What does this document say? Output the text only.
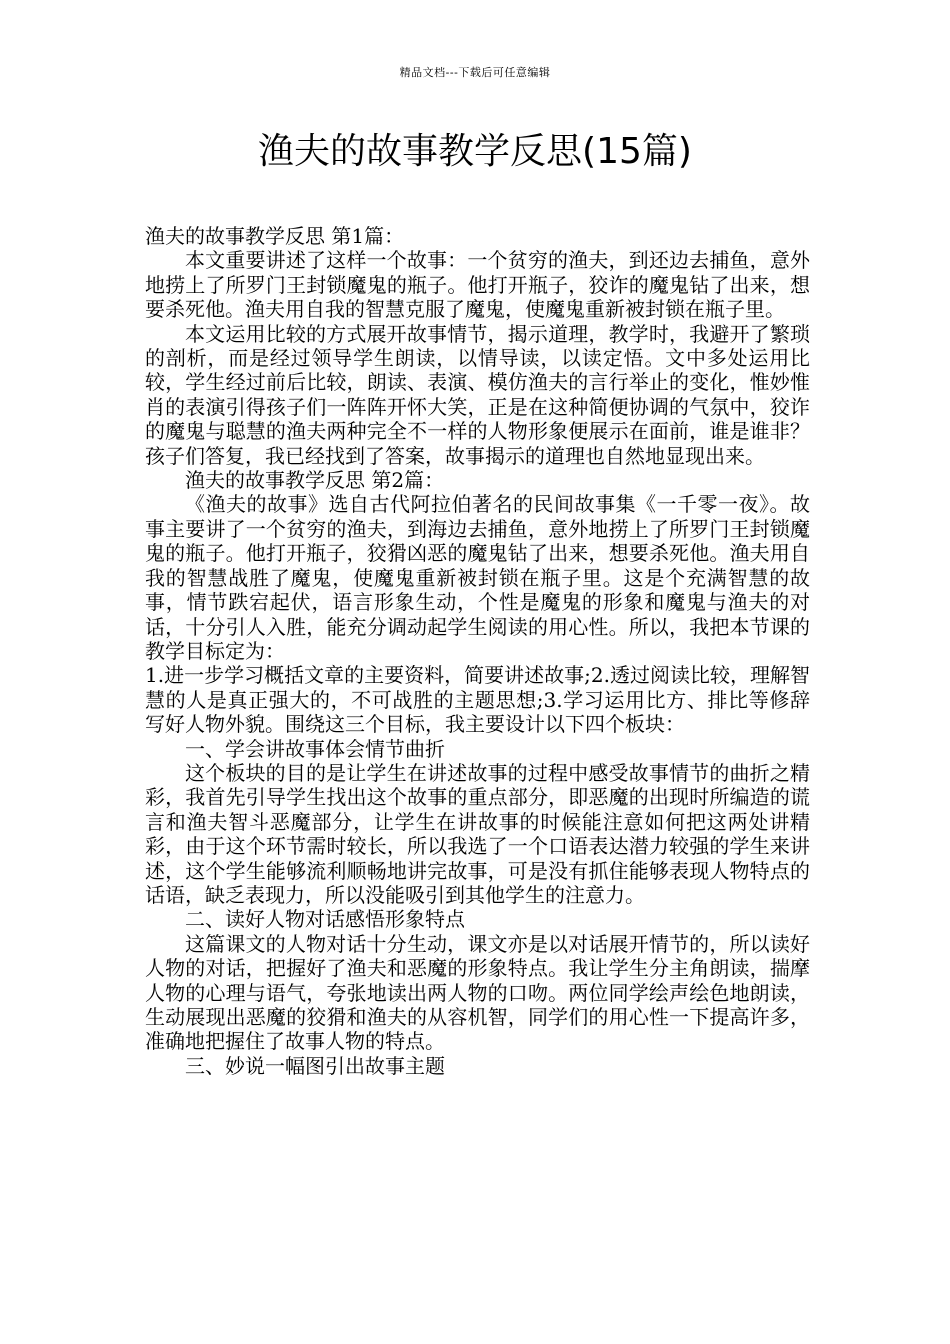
精品文档---下载后可任意编辑
渔夫的故事教学反思(15篇)

渔夫的故事教学反思 第1篇：

本文重要讲述了这样一个故事：一个贫穷的渔夫，到还边去捕鱼，意外地捞上了所罗门王封锁魔鬼的瓶子。他打开瓶子，狡诈的魔鬼钻了出来，想要杀死他。渔夫用自我的智慧克服了魔鬼，使魔鬼重新被封锁在瓶子里。

本文运用比较的方式展开故事情节，揭示道理，教学时，我避开了繁琐的剖析，而是经过领导学生朗读，以情导读，以读定悟。文中多处运用比较，学生经过前后比较，朗读、表演、模仿渔夫的言行举止的变化，惟妙惟肖的表演引得孩子们一阵阵开怀大笑，正是在这种简便协调的气氛中，狡诈的魔鬼与聪慧的渔夫两种完全不一样的人物形象便展示在面前，谁是谁非？孩子们答复，我已经找到了答案，故事揭示的道理也自然地显现出来。

渔夫的故事教学反思 第2篇：

《渔夫的故事》选自古代阿拉伯著名的民间故事集《一千零一夜》。故事主要讲了一个贫穷的渔夫，到海边去捕鱼，意外地捞上了所罗门王封锁魔鬼的瓶子。他打开瓶子，狡猾凶恶的魔鬼钻了出来，想要杀死他。渔夫用自我的智慧战胜了魔鬼，使魔鬼重新被封锁在瓶子里。这是个充满智慧的故事，情节跌宕起伏，语言形象生动，个性是魔鬼的形象和魔鬼与渔夫的对话，十分引人入胜，能充分调动起学生阅读的用心性。所以，我把本节课的教学目标定为：

1.进一步学习概括文章的主要资料，简要讲述故事;2.透过阅读比较，理解智慧的人是真正强大的，不可战胜的主题思想;3.学习运用比方、排比等修辞写好人物外貌。围绕这三个目标，我主要设计以下四个板块：

一、学会讲故事体会情节曲折

这个板块的目的是让学生在讲述故事的过程中感受故事情节的曲折之精彩，我首先引导学生找出这个故事的重点部分，即恶魔的出现时所编造的谎言和渔夫智斗恶魔部分，让学生在讲故事的时候能注意如何把这两处讲精彩，由于这个环节需时较长，所以我选了一个口语表达潜力较强的学生来讲述，这个学生能够流利顺畅地讲完故事，可是没有抓住能够表现人物特点的话语，缺乏表现力，所以没能吸引到其他学生的注意力。

二、读好人物对话感悟形象特点

这篇课文的人物对话十分生动，课文亦是以对话展开情节的，所以读好人物的对话，把握好了渔夫和恶魔的形象特点。我让学生分主角朗读，揣摩人物的心理与语气，夸张地读出两人物的口吻。两位同学绘声绘色地朗读，生动展现出恶魔的狡猾和渔夫的从容机智，同学们的用心性一下提高许多，准确地把握住了故事人物的特点。

三、妙说一幅图引出故事主题
